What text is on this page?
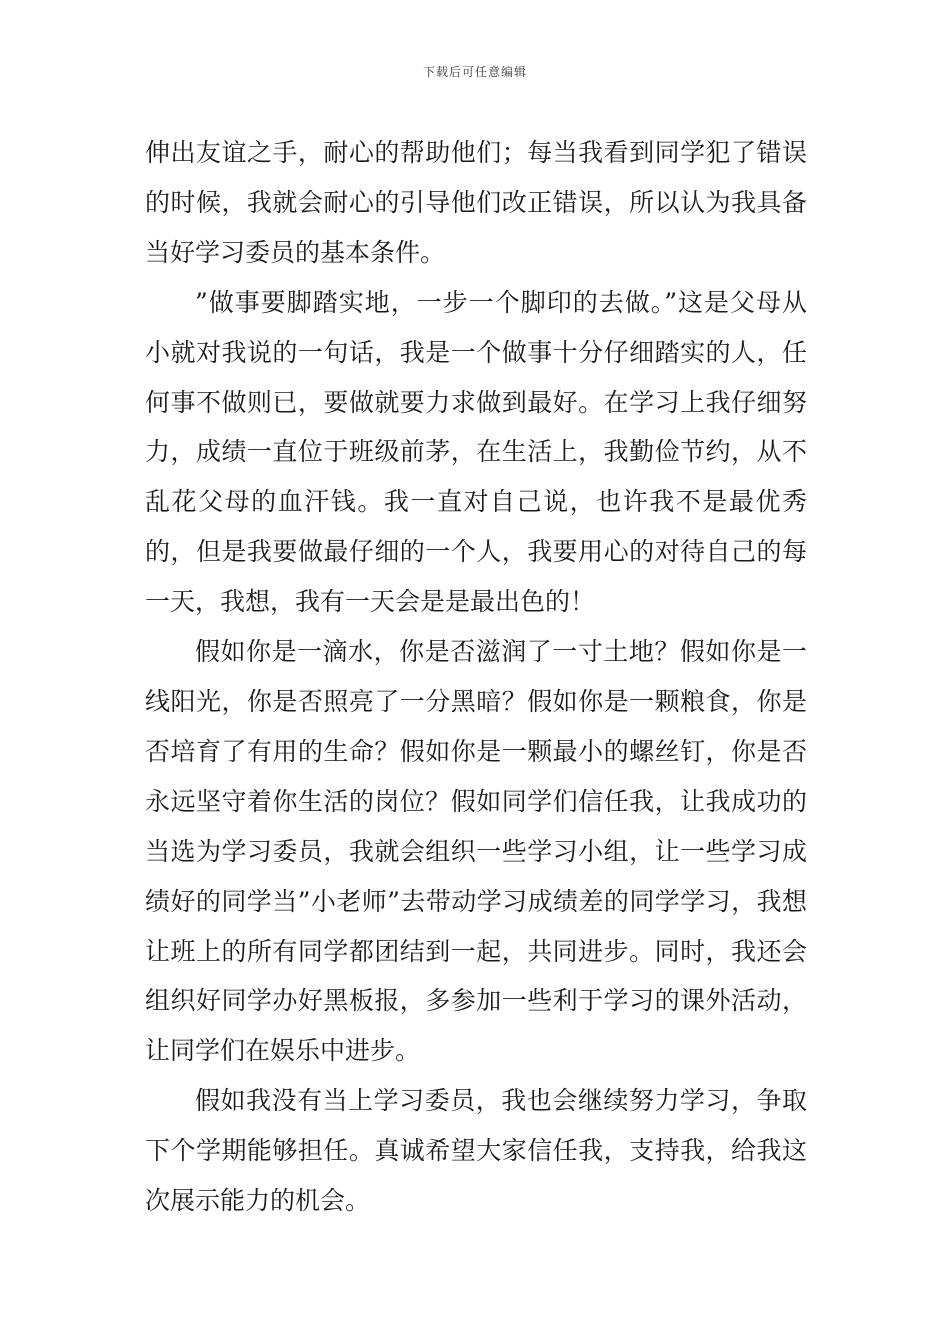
下载后可任意编辑

伸出友谊之手，耐心的帮助他们；每当我看到同学犯了错误的时候，我就会耐心的引导他们改正错误，所以认为我具备当好学习委员的基本条件。

”做事要脚踏实地，一步一个脚印的去做。”这是父母从小就对我说的一句话，我是一个做事十分仔细踏实的人，任何事不做则已，要做就要力求做到最好。在学习上我仔细努力，成绩一直位于班级前茅，在生活上，我勤俭节约，从不乱花父母的血汗钱。我一直对自己说，也许我不是最优秀的，但是我要做最仔细的一个人，我要用心的对待自己的每一天，我想，我有一天会是是最出色的！

假如你是一滴水，你是否滋润了一寸土地？假如你是一线阳光，你是否照亮了一分黑暗？假如你是一颗粮食，你是否培育了有用的生命？假如你是一颗最小的螺丝钉，你是否永远坚守着你生活的岗位？假如同学们信任我，让我成功的当选为学习委员，我就会组织一些学习小组，让一些学习成绩好的同学当”小老师”去带动学习成绩差的同学学习，我想让班上的所有同学都团结到一起，共同进步。同时，我还会组织好同学办好黑板报，多参加一些利于学习的课外活动，让同学们在娱乐中进步。

假如我没有当上学习委员，我也会继续努力学习，争取下个学期能够担任。真诚希望大家信任我，支持我，给我这次展示能力的机会。
